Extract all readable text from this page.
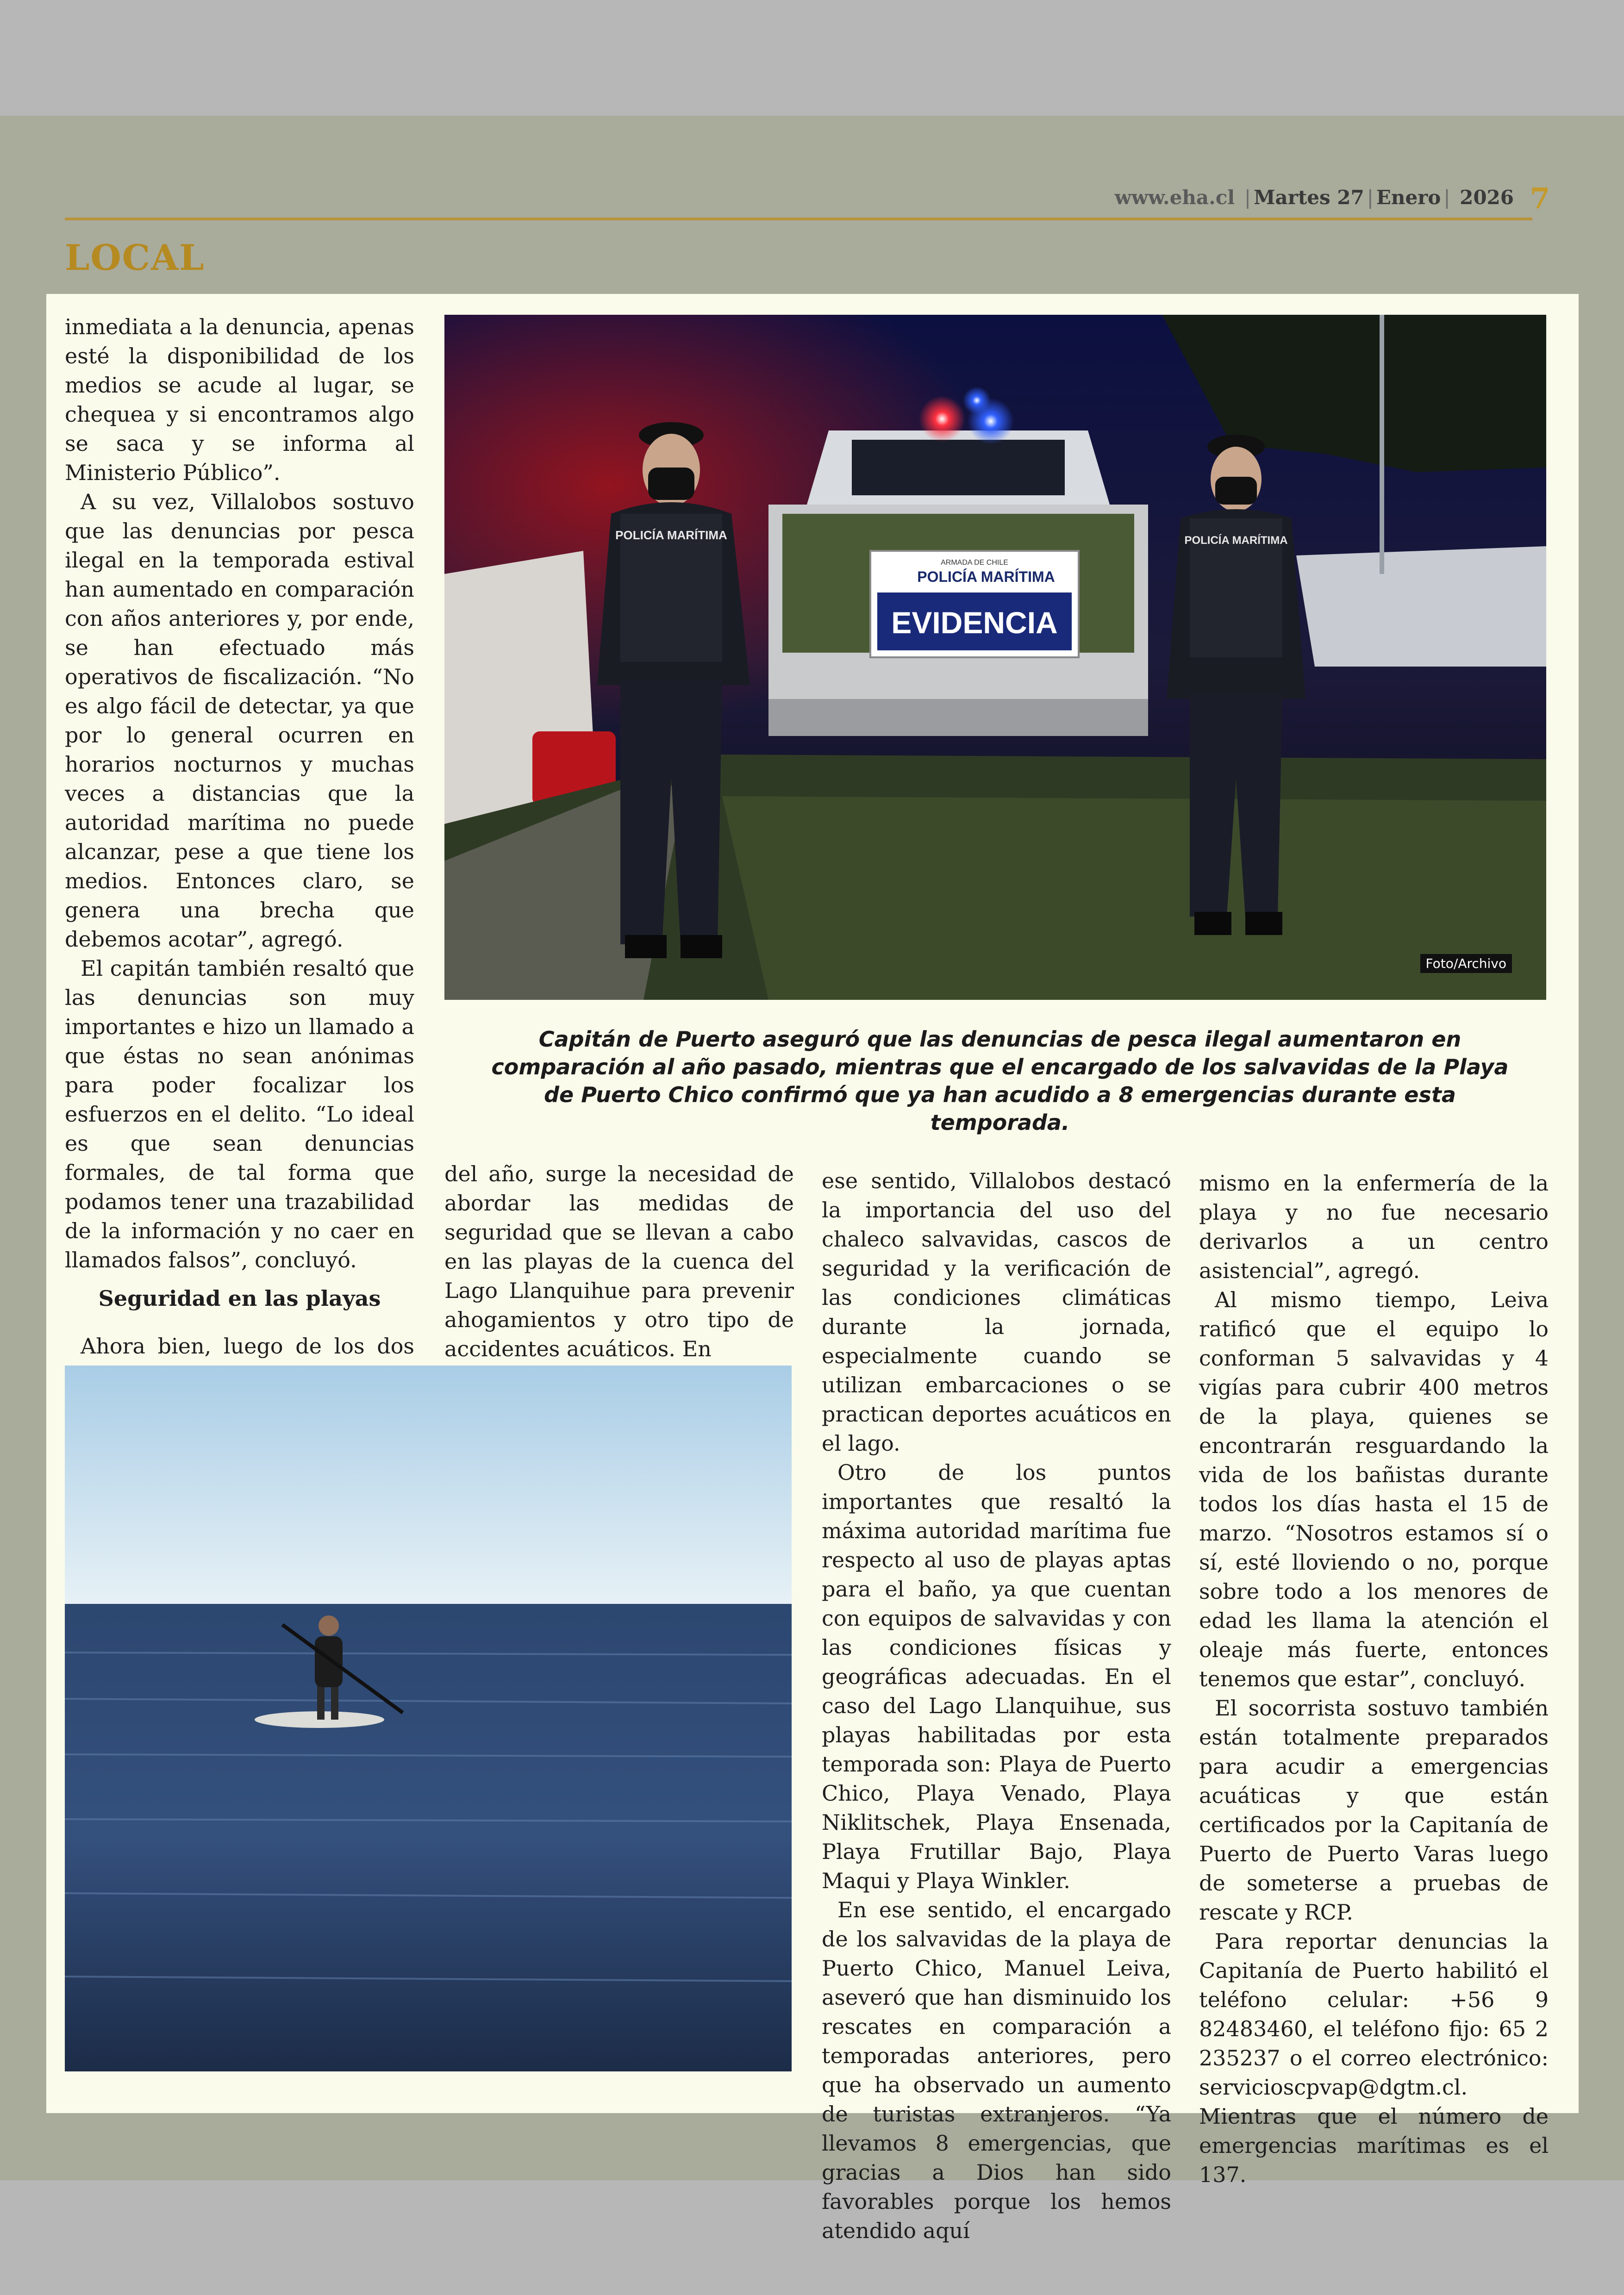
www.eha.cl | Martes 27 | Enero | 2026 7
LOCAL

inmediata a la denuncia, apenas esté la disponibilidad de los medios se acude al lugar, se chequea y si encontramos algo se saca y se informa al Ministerio Público”.

A su vez, Villalobos sostuvo que las denuncias por pesca ilegal en la temporada estival han aumentado en comparación con años anteriores y, por ende, se han efectuado más operativos de fiscalización. “No es algo fácil de detectar, ya que por lo general ocurren en horarios nocturnos y muchas veces a distancias que la autoridad marítima no puede alcanzar, pese a que tiene los medios. Entonces claro, se genera una brecha que debemos acotar”, agregó.

El capitán también resaltó que las denuncias son muy importantes e hizo un llamado a que éstas no sean anónimas para poder focalizar los esfuerzos en el delito. “Lo ideal es que sean denuncias formales, de tal forma que podamos tener una trazabilidad de la información y no caer en llamados falsos”, concluyó.

Seguridad en las playas

Ahora bien, luego de los dos

ARMADA DE CHILE
POLICÍA MARÍTIMA
EVIDENCIA
POLICÍA MARÍTIMA	POLICÍA MARÍTIMA
Foto/Archivo
Capitán de Puerto aseguró que las denuncias de pesca ilegal aumentaron en comparación al año pasado, mientras que el encargado de los salvavidas de la Playa de Puerto Chico confirmó que ya han acudido a 8 emergencias durante esta temporada.

del año, surge la necesidad de abordar las medidas de seguridad que se llevan a cabo en las playas de la cuenca del Lago Llanquihue para prevenir ahogamientos y otro tipo de accidentes acuáticos. En

ese sentido, Villalobos destacó la importancia del uso del chaleco salvavidas, cascos de seguridad y la verificación de las condiciones climáticas durante la jornada, especialmente cuando se utilizan embarcaciones o se practican deportes acuáticos en el lago.

Otro de los puntos importantes que resaltó la máxima autoridad marítima fue respecto al uso de playas aptas para el baño, ya que cuentan con equipos de salvavidas y con las condiciones físicas y geográficas adecuadas. En el caso del Lago Llanquihue, sus playas habilitadas por esta temporada son: Playa de Puerto Chico, Playa Venado, Playa Niklitschek, Playa Ensenada, Playa Frutillar Bajo, Playa Maqui y Playa Winkler.

En ese sentido, el encargado de los salvavidas de la playa de Puerto Chico, Manuel Leiva, aseveró que han disminuido los rescates en comparación a temporadas anteriores, pero que ha observado un aumento de turistas extranjeros. “Ya llevamos 8 emergencias, que gracias a Dios han sido favorables porque los hemos atendido aquí

mismo en la enfermería de la playa y no fue necesario derivarlos a un centro asistencial”, agregó.

Al mismo tiempo, Leiva ratificó que el equipo lo conforman 5 salvavidas y 4 vigías para cubrir 400 metros de la playa, quienes se encontrarán resguardando la vida de los bañistas durante todos los días hasta el 15 de marzo. “Nosotros estamos sí o sí, esté lloviendo o no, porque sobre todo a los menores de edad les llama la atención el oleaje más fuerte, entonces tenemos que estar”, concluyó.

El socorrista sostuvo también están totalmente preparados para acudir a emergencias acuáticas y que están certificados por la Capitanía de Puerto de Puerto Varas luego de someterse a pruebas de rescate y RCP.

Para reportar denuncias la Capitanía de Puerto habilitó el teléfono celular: +56 9 82483460, el teléfono fijo: 65 2 235237 o el correo electrónico: servicioscpvap@dgtm.cl. Mientras que el número de emergencias marítimas es el 137.
